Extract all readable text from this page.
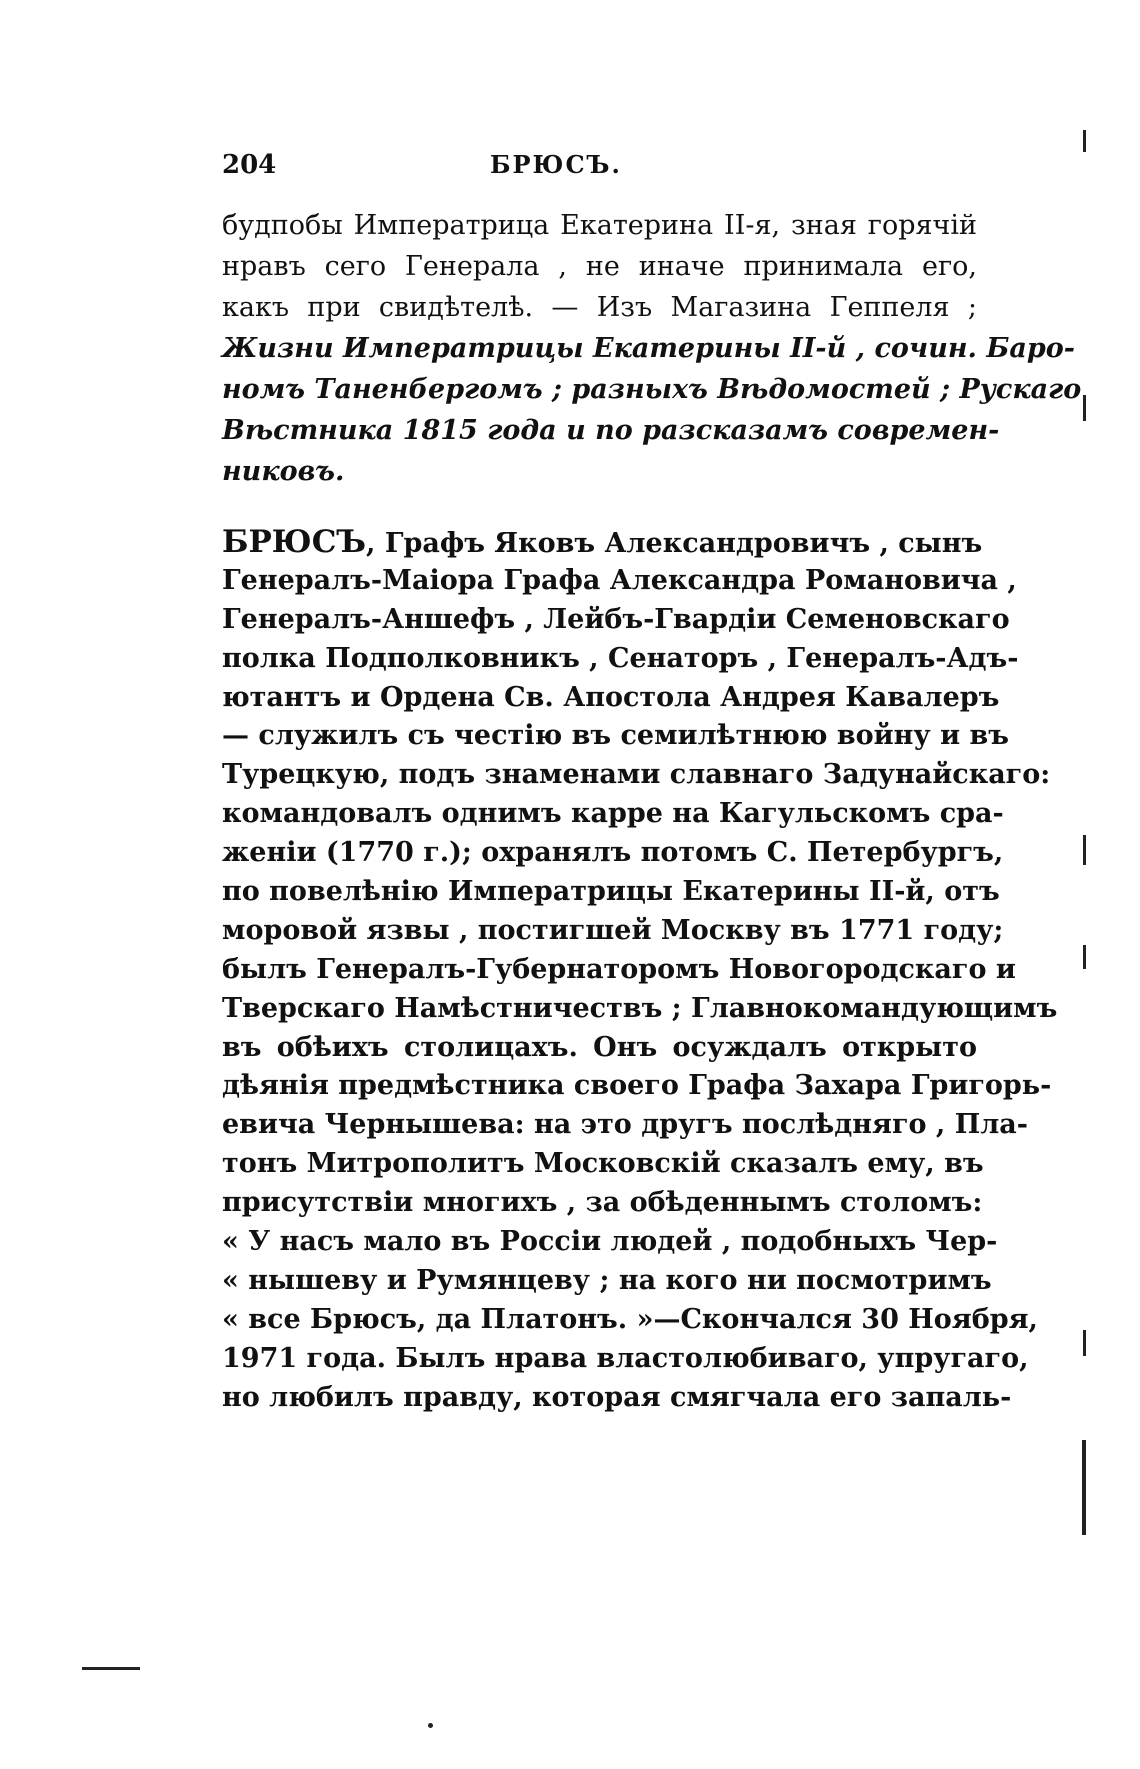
204	БРЮСЪ.
будпобы Императрица Екатерина II-я, зная горячій
нравъ сего Генерала , не иначе принимала его,
какъ при свидѣтелѣ. — Изъ Магазина Гeппеля ;
Жизни Императрицы Екатерины II-й , сочин. Баро-
номъ Таненбергомъ ; разныхъ Вѣдомостей ; Рускаго
Вѣстника 1815 года и по разсказамъ современ-
никовъ.
БРЮСЪ, Графъ Яковъ Александровичъ , сынъ
Генералъ-Маіора Графа Александра Романовича ,
Генералъ-Аншефъ , Лейбъ-Гвардіи Семеновскаго
полка Подполковникъ , Сенаторъ , Генералъ-Адъ-
ютантъ и Ордена Св. Апостола Андрея Кавалеръ
— служилъ съ честію въ семилѣтнюю войну и въ
Турецкую, подъ знаменами славнаго Задунайскаго:
командовалъ однимъ карре на Кагульскомъ сра-
женіи (1770 г.); охранялъ потомъ С. Петербургъ,
по повелѣнію Императрицы Екатерины II-й, отъ
моровой язвы , постигшей Москву въ 1771 году;
былъ Генералъ-Губернаторомъ Новогородскаго и
Тверскаго Намѣстничествъ ; Главнокомандующимъ
въ обѣихъ столицахъ. Онъ осуждалъ открыто
дѣянія предмѣстника своего Графа Захара Григорь-
евича Чернышева: на это другъ послѣдняго , Пла-
тонъ Митрополитъ Московскій сказалъ ему, въ
присутствіи многихъ , за обѣденнымъ столомъ:
« У насъ мало въ Россіи людей , подобныхъ Чер-
« нышеву и Румянцеву ; на кого ни посмотримъ
« все Брюсъ, да Платонъ. »—Скончался 30 Ноября,
1971 года. Былъ нрава властолюбиваго, упругаго,
но любилъ правду, которая смягчала его запаль-
